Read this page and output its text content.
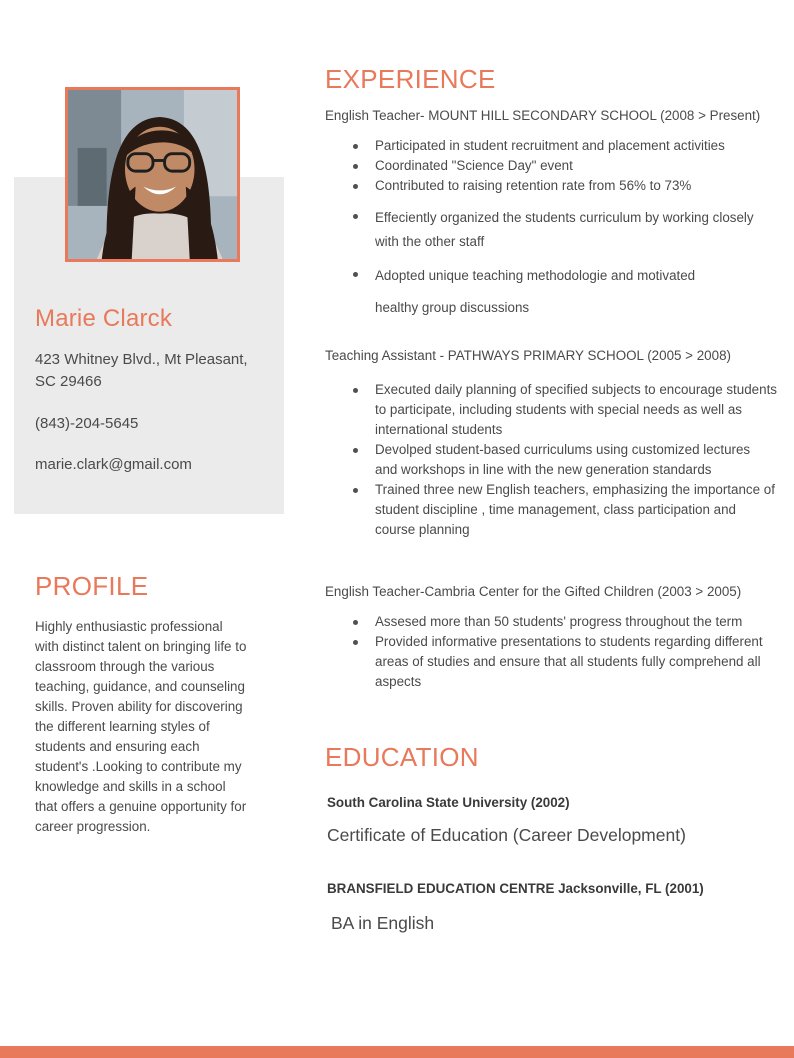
Marie Clarck
423 Whitney Blvd., Mt Pleasant, SC 29466
(843)-204-5645
marie.clark@gmail.com
PROFILE
Highly enthusiastic professional with distinct talent on bringing life to classroom through the various teaching, guidance, and counseling skills. Proven ability for discovering the different learning styles of students and ensuring each student's .Looking to contribute my knowledge and skills in a school that offers a genuine opportunity for career progression.
EXPERIENCE
English Teacher- MOUNT HILL SECONDARY SCHOOL (2008 > Present)
Participated in student recruitment and placement activities
Coordinated "Science Day" event
Contributed to raising retention rate from 56% to 73%
Effeciently organized the students curriculum by working closely with the other staff
Adopted unique teaching methodologie and motivated
healthy group discussions
Teaching Assistant - PATHWAYS PRIMARY SCHOOL (2005 > 2008)
Executed daily planning of specified subjects to encourage students to participate, including students with special needs as well as international students
Devolped student-based curriculums using customized lectures and workshops in line with the new generation standards
Trained three new English teachers, emphasizing the importance of student discipline , time management, class participation and course planning
English Teacher-Cambria Center for the Gifted Children (2003 > 2005)
Assesed more than 50 students' progress throughout the term
Provided informative presentations to students regarding different areas of studies and ensure that all students fully comprehend all aspects
EDUCATION
South Carolina State University (2002)
Certificate of Education (Career Development)
BRANSFIELD EDUCATION CENTRE Jacksonville, FL (2001)
BA in English
